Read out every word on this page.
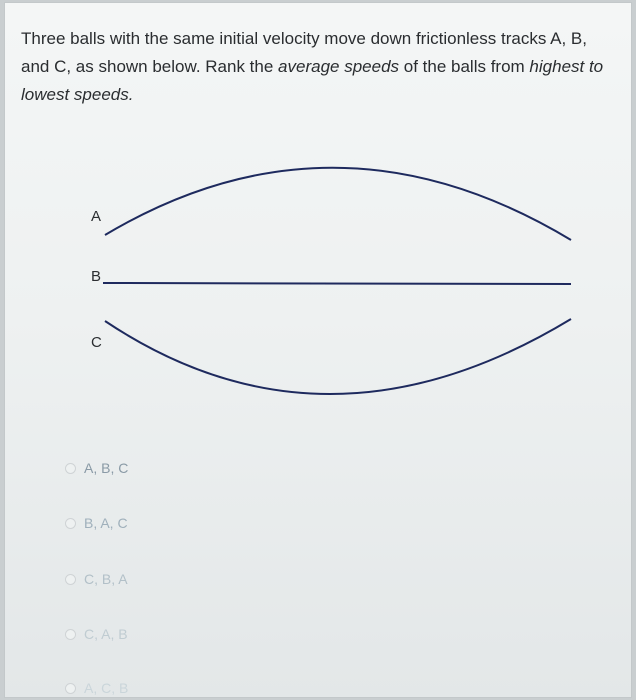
Three balls with the same initial velocity move down frictionless tracks A, B, and C, as shown below. Rank the average speeds of the balls from highest to lowest speeds.
A
B
C
A, B, C
B, A, C
C, B, A
C, A, B
A, C, B
